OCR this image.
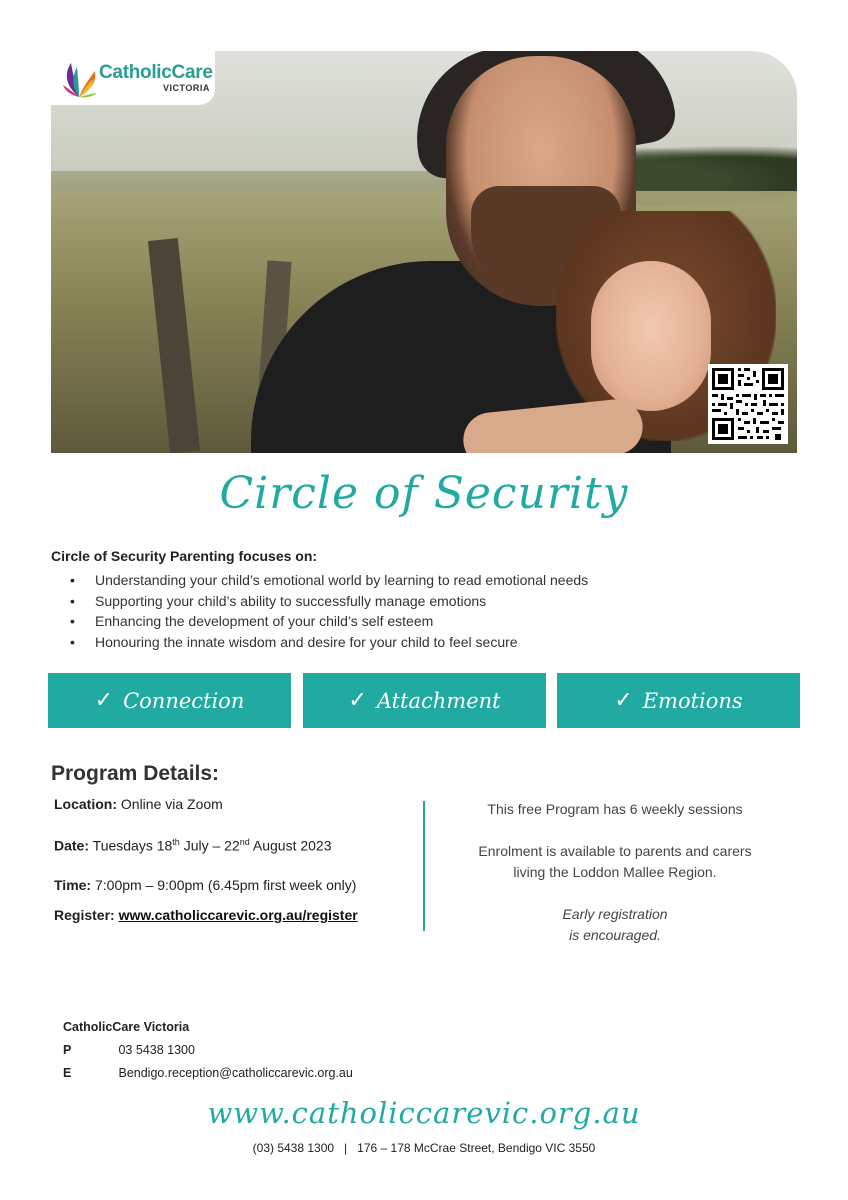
CatholicCare
VICTORIA
Circle of Security
Circle of Security Parenting focuses on:
• Understanding your child’s emotional world by learning to read emotional needs
• Supporting your child’s ability to successfully manage emotions
• Enhancing the development of your child’s self esteem
• Honouring the innate wisdom and desire for your child to feel secure
✓ Connection	✓ Attachment	✓ Emotions
Program Details:
Location: Online via Zoom
Date: Tuesdays 18th July – 22nd August 2023
Time: 7:00pm – 9:00pm (6.45pm first week only)
Register: www.catholiccarevic.org.au/register
This free Program has 6 weekly sessions
Enrolment is available to parents and carers
living the Loddon Mallee Region.
Early registration
is encouraged.
CatholicCare Victoria
P	03 5438 1300
E	Bendigo.reception@catholiccarevic.org.au
www.catholiccarevic.org.au
(03) 5438 1300   |   176 – 178 McCrae Street, Bendigo VIC 3550
